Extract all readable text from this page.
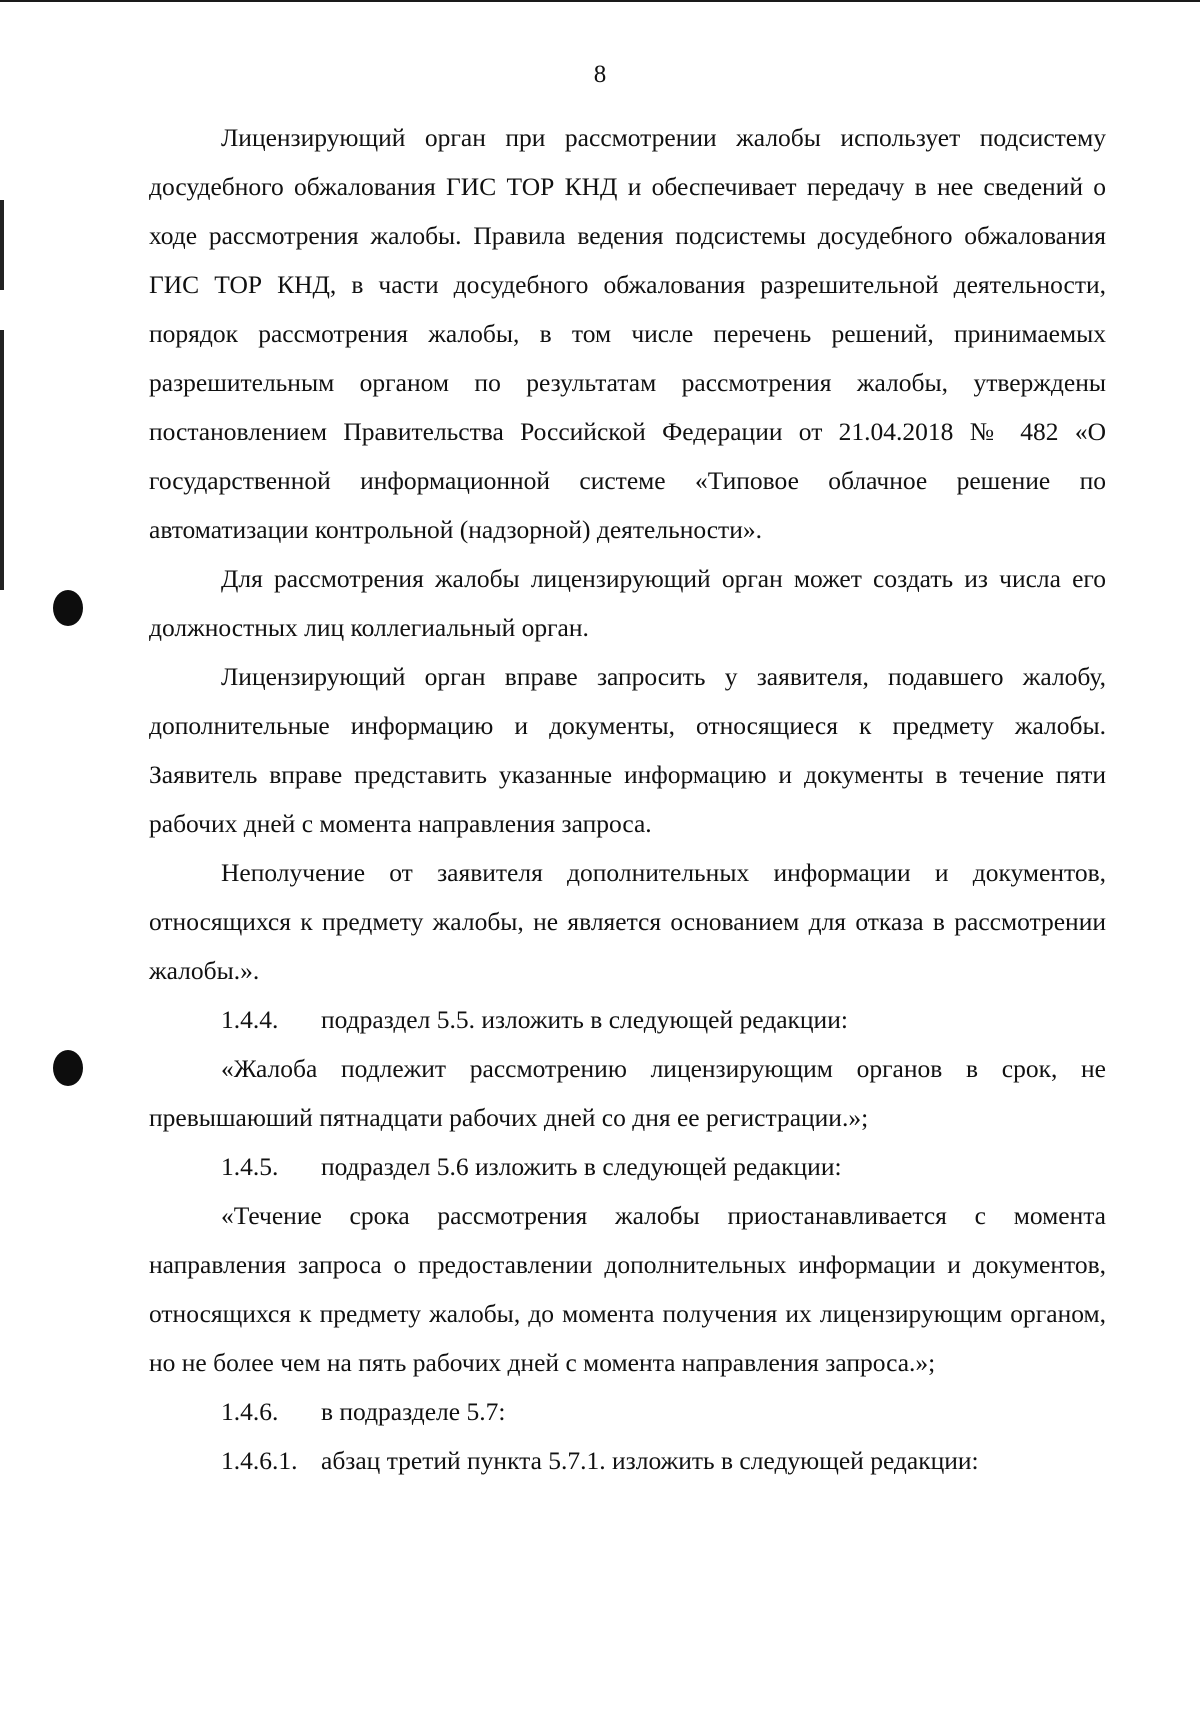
8

Лицензирующий орган при рассмотрении жалобы использует подсистему досудебного обжалования ГИС ТОР КНД и обеспечивает передачу в нее сведений о ходе рассмотрения жалобы. Правила ведения подсистемы досудебного обжалования ГИС ТОР КНД, в части досудебного обжалования разрешительной деятельности, порядок рассмотрения жалобы, в том числе перечень решений, принимаемых разрешительным органом по результатам рассмотрения жалобы, утверждены постановлением Правительства Российской Федерации от 21.04.2018 № 482 «О государственной информационной системе «Типовое облачное решение по автоматизации контрольной (надзорной) деятельности».

Для рассмотрения жалобы лицензирующий орган может создать из числа его должностных лиц коллегиальный орган.

Лицензирующий орган вправе запросить у заявителя, подавшего жалобу, дополнительные информацию и документы, относящиеся к предмету жалобы. Заявитель вправе представить указанные информацию и документы в течение пяти рабочих дней с момента направления запроса.

Неполучение от заявителя дополнительных информации и документов, относящихся к предмету жалобы, не является основанием для отказа в рассмотрении жалобы.».

1.4.4. подраздел 5.5. изложить в следующей редакции:

«Жалоба подлежит рассмотрению лицензирующим органов в срок, не превышаюший пятнадцати рабочих дней со дня ее регистрации.»;

1.4.5. подраздел 5.6 изложить в следующей редакции:

«Течение срока рассмотрения жалобы приостанавливается с момента направления запроса о предоставлении дополнительных информации и документов, относящихся к предмету жалобы, до момента получения их лицензирующим органом, но не более чем на пять рабочих дней с момента направления запроса.»;

1.4.6. в подразделе 5.7:

1.4.6.1. абзац третий пункта 5.7.1. изложить в следующей редакции:
